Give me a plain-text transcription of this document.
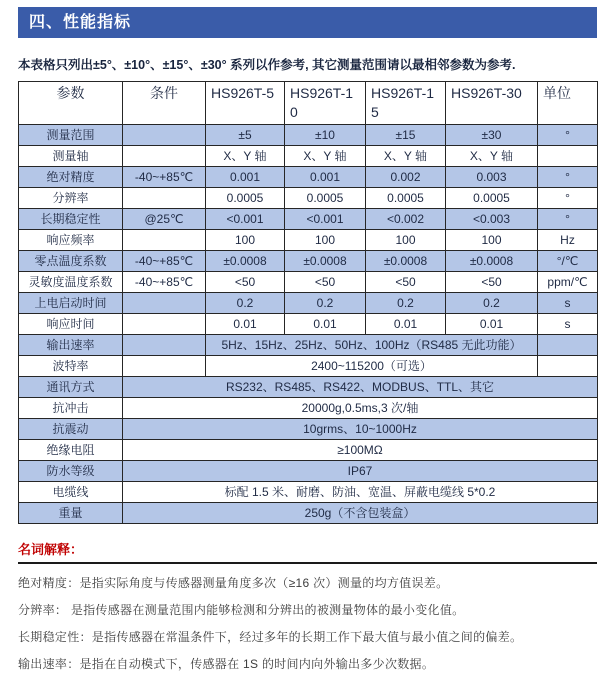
四、性能指标
本表格只列出±5°、±10°、±15°、±30° 系列以作参考, 其它测量范围请以最相邻参数为参考.
参数	条件	HS926T-5	HS926T-10	HS926T-15	HS926T-30	单位
测量范围		±5	±10	±15	±30	°
测量轴		X、Y 轴	X、Y 轴	X、Y 轴	X、Y 轴	
绝对精度	-40~+85℃	0.001	0.001	0.002	0.003	°
分辨率		0.0005	0.0005	0.0005	0.0005	°
长期稳定性	@25℃	<0.001	<0.001	<0.002	<0.003	°
响应频率		100	100	100	100	Hz
零点温度系数	-40~+85℃	±0.0008	±0.0008	±0.0008	±0.0008	°/℃
灵敏度温度系数	-40~+85℃	<50	<50	<50	<50	ppm/℃
上电启动时间		0.2	0.2	0.2	0.2	s
响应时间		0.01	0.01	0.01	0.01	s
输出速率		5Hz、15Hz、25Hz、50Hz、100Hz（RS485 无此功能）				
波特率		2400~115200（可选）				
通讯方式	RS232、RS485、RS422、MODBUS、TTL、其它					
抗冲击	20000g,0.5ms,3 次/轴					
抗震动	10grms、10~1000Hz					
绝缘电阻	≥100MΩ					
防水等级	IP67					
电缆线	标配 1.5 米、耐磨、防油、宽温、屏蔽电缆线 5*0.2					
重量	250g（不含包装盒）					
名词解释：
绝对精度：是指实际角度与传感器测量角度多次（≥16 次）测量的均方值误差。
分辨率： 是指传感器在测量范围内能够检测和分辨出的被测量物体的最小变化值。
长期稳定性：是指传感器在常温条件下，经过多年的长期工作下最大值与最小值之间的偏差。
输出速率：是指在自动模式下，传感器在 1S 的时间内向外输出多少次数据。
